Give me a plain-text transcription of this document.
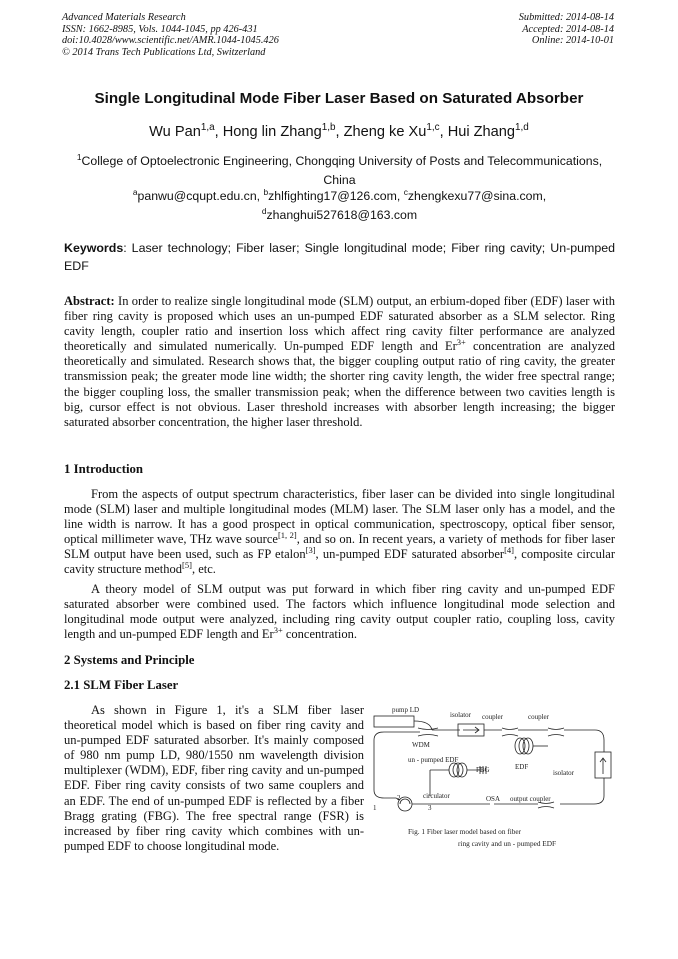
Advanced Materials Research
ISSN: 1662-8985, Vols. 1044-1045, pp 426-431
doi:10.4028/www.scientific.net/AMR.1044-1045.426
© 2014 Trans Tech Publications Ltd, Switzerland
Submitted: 2014-08-14
Accepted: 2014-08-14
Online: 2014-10-01
Single Longitudinal Mode Fiber Laser Based on Saturated Absorber
Wu Pan$^{1,a}$, Hong lin Zhang$^{1,b}$, Zheng ke Xu$^{1,c}$, Hui Zhang$^{1,d}$
$^1$College of Optoelectronic Engineering, Chongqing University of Posts and Telecommunications, China
$^a$panwu@cqupt.edu.cn, $^b$zhlfighting17@126.com, $^c$zhengkexu77@sina.com,
$^d$zhanghui527618@163.com
Keywords: Laser technology; Fiber laser; Single longitudinal mode; Fiber ring cavity; Un-pumped EDF
Abstract: In order to realize single longitudinal mode (SLM) output, an erbium-doped fiber (EDF) laser with fiber ring cavity is proposed which uses an un-pumped EDF saturated absorber as a SLM selector. Ring cavity length, coupler ratio and insertion loss which affect ring cavity filter performance are analyzed theoretically and simulated numerically. Un-pumped EDF length and $Er^{3+}$ concentration are analyzed theoretically and simulated. Research shows that, the bigger coupling output ratio of ring cavity, the greater transmission peak; the greater mode line width; the shorter ring cavity length, the wider free spectral range; the bigger coupling loss, the smaller transmission peak; when the difference between two cavities length is big, cursor effect is not obvious. Laser threshold increases with absorber length increasing; the bigger saturated absorber concentration, the higher laser threshold.
1 Introduction
From the aspects of output spectrum characteristics, fiber laser can be divided into single longitudinal mode (SLM) laser and multiple longitudinal modes (MLM) laser. The SLM laser only has a model, and the line width is narrow. It has a good prospect in optical communication, spectroscopy, optical fiber sensor, optical millimeter wave, THz wave source[1, 2], and so on. In recent years, a variety of methods for fiber laser SLM output have been used, such as FP etalon[3], un-pumped EDF saturated absorber[4], composite circular cavity structure method[5], etc.
A theory model of SLM output was put forward in which fiber ring cavity and un-pumped EDF saturated absorber were combined used. The factors which influence longitudinal mode selection and longitudinal mode output were analyzed, including ring cavity output coupler ratio, coupling loss, cavity length and un-pumped EDF length and $Er^{3+}$ concentration.
2 Systems and Principle
2.1 SLM Fiber Laser
As shown in Figure 1, it's a SLM fiber laser theoretical model which is based on fiber ring cavity and un-pumped EDF saturated absorber. It's mainly composed of 980 nm pump LD, 980/1550 nm wavelength division multiplexer (WDM), EDF, fiber ring cavity and un-pumped EDF. Fiber ring cavity consists of two same couplers and an EDF. The end of un-pumped EDF is reflected by a fiber Bragg grating (FBG). The free spectral range (FSR) is increased by fiber ring cavity which combines with un-pumped EDF to choose longitudinal mode.
pump LD
isolator coupler	coupler
WDM
un - pumped EDF
FBG	EDF
isolator
circulator
2
1	3
OSA output coupler
Fig. 1 Fiber laser model based on fiber
ring cavity and un - pumped EDF
